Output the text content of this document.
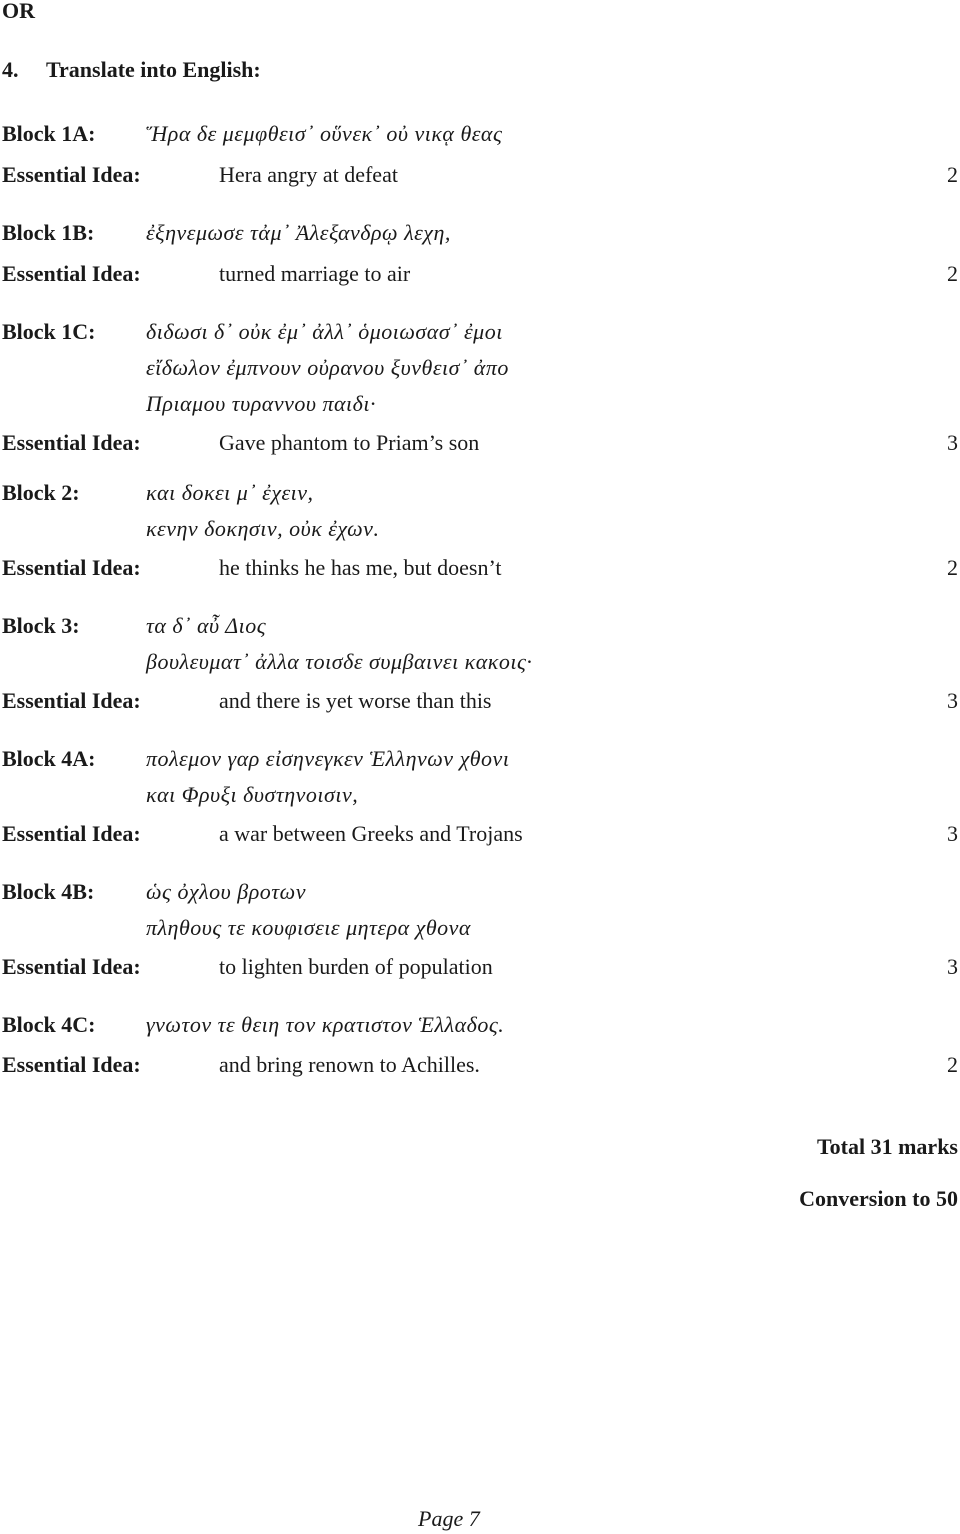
OR
4. Translate into English:
Block 1A: Ἥρα δε μεμφθεισ᾽ οὕνεκ᾽ οὐ νικᾳ θεας
Essential Idea:	Hera angry at defeat	2
Block 1B: ἐξηνεμωσε τἀμ᾽ Ἀλεξανδρῳ λεχη,
Essential Idea:	turned marriage to air	2
Block 1C: διδωσι δ᾽ οὐκ ἐμ᾽ ἀλλ᾽ ὁμοιωσασ᾽ ἐμοι
εἴδωλον ἐμπνουν οὐρανου ξυνθεισ᾽ ἀπο
Πριαμου τυραννου παιδι·
Essential Idea:	Gave phantom to Priam’s son	3
Block 2:	και δοκει μ᾽ ἐχειν,
κενην δοκησιν, οὐκ ἐχων.
Essential Idea:	he thinks he has me, but doesn’t	2
Block 3:	τα δ᾽ αὖ Διος
βουλευματ᾽ ἀλλα τοισδε συμβαινει κακοις·
Essential Idea:	and there is yet worse than this	3
Block 4A: πολεμον γαρ εἰσηνεγκεν Ἑλληνων χθονι
και Φρυξι δυστηνοισιν,
Essential Idea:	a war between Greeks and Trojans	3
Block 4B: ὡς ὀχλου βροτων
πληθους τε κουφισειε μητερα χθονα
Essential Idea:	to lighten burden of population	3
Block 4C: γνωτον τε θειη τον κρατιστον Ἑλλαδος.
Essential Idea:	and bring renown to Achilles.	2
Total 31 marks
Conversion to 50
Page 7
